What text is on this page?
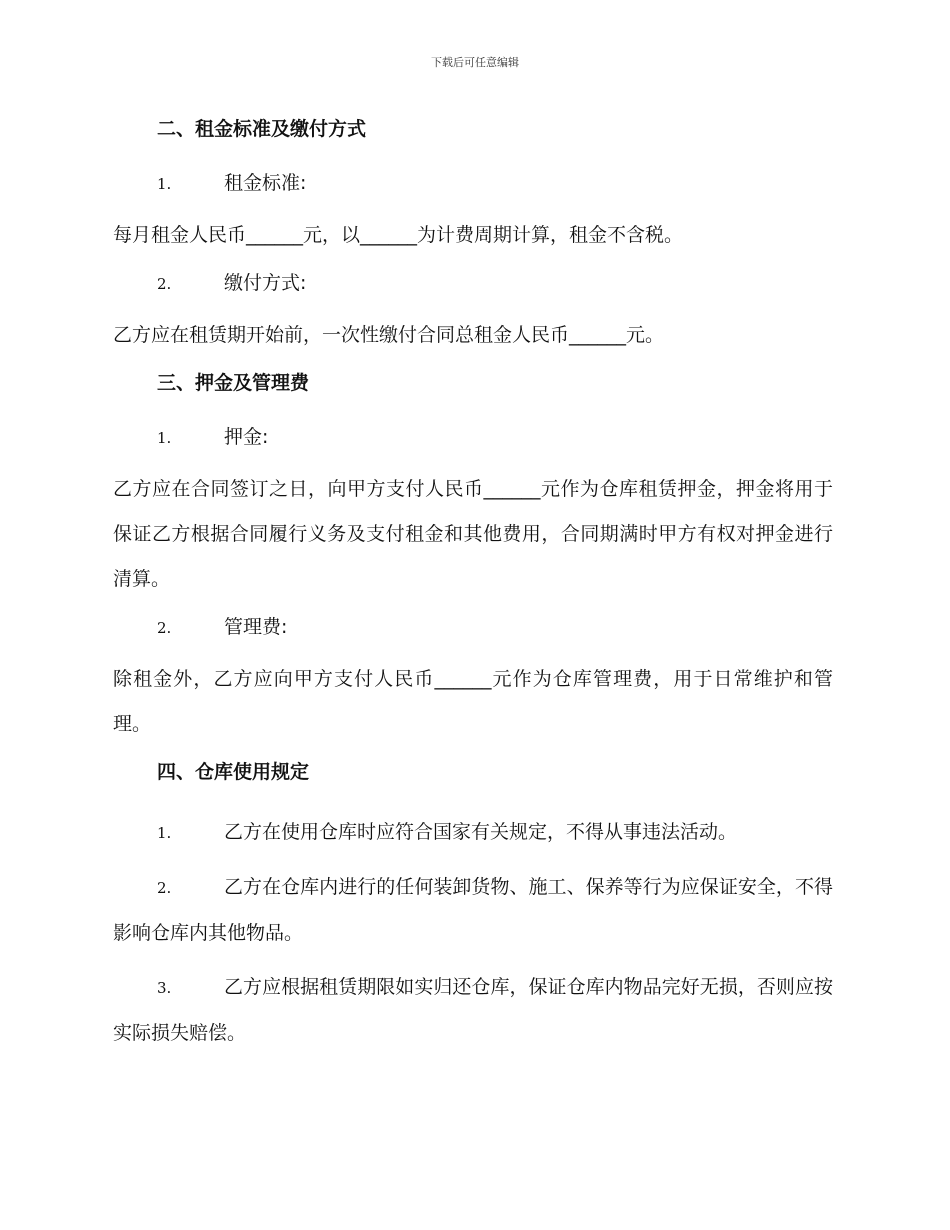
下载后可任意编辑
二、租金标准及缴付方式
1.	租金标准:
每月租金人民币______元，以______为计费周期计算，租金不含税。
2.	缴付方式:
乙方应在租赁期开始前，一次性缴付合同总租金人民币______元。
三、押金及管理费
1.	押金:
乙方应在合同签订之日，向甲方支付人民币______元作为仓库租赁押金，押金将用于保证乙方根据合同履行义务及支付租金和其他费用，合同期满时甲方有权对押金进行清算。
2.	管理费:
除租金外，乙方应向甲方支付人民币______元作为仓库管理费，用于日常维护和管理。
四、仓库使用规定
1.	乙方在使用仓库时应符合国家有关规定，不得从事违法活动。
2.	乙方在仓库内进行的任何装卸货物、施工、保养等行为应保证安全，不得影响仓库内其他物品。
3.	乙方应根据租赁期限如实归还仓库，保证仓库内物品完好无损，否则应按实际损失赔偿。
